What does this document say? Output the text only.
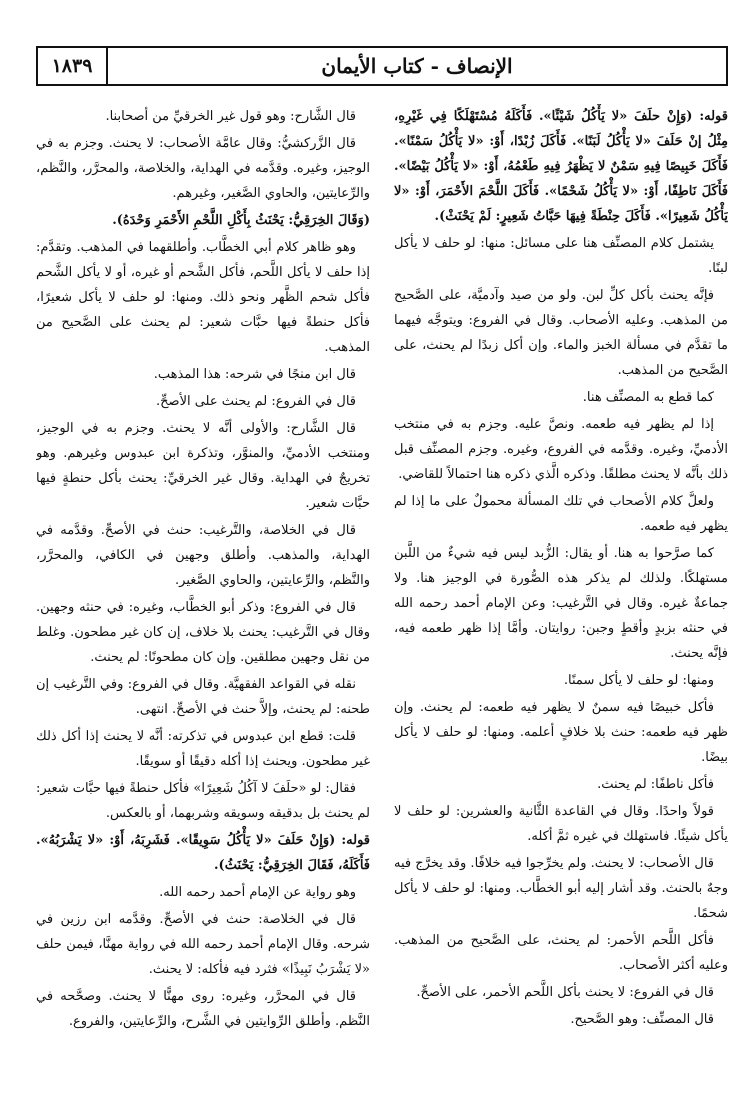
١٨٣٩	الإنصاف - كتاب الأيمان

قوله: (وَإِنْ حلَفَ «لا يَأْكُلُ شَيْئًا». فَأَكَلَهُ مُسْتَهْلَكًا فِي غَيْرِهِ، مِثْلُ إنْ حَلَفَ «لا يَأْكُلُ لَبَنًا». فَأَكَلَ زُبْدًا، أَوْ: «لا يَأْكُلُ سَمْنًا». فَأَكَلَ خَبِيصًا فِيهِ سَمْنٌ لا يَظْهَرُ فِيهِ طَعْمُهُ، أَوْ: «لا يَأْكُلُ بَيْضًا». فَأَكَلَ نَاطِفًا، أَوْ: «لا يَأْكُلُ شَحْمًا». فَأَكَلَ اللَّحْمَ الأَحْمَرَ، أَوْ: «لا يَأْكُلُ شَعِيرًا». فَأَكَلَ حِنْطَةً فِيهَا حَبَّاتُ شَعِيرٍ: لَمْ يَحْنَثْ).

يشتمل كلام المصنِّف هنا على مسائل: منها: لو حلف لا يأكل لبنًا.

فإنَّه يحنث بأكل كلِّ لبن. ولو من صيد وآدميَّة، على الصَّحيح من المذهب. وعليه الأصحاب. وقال في الفروع: ويتوجَّه فيهما ما تقدَّم في مسألة الخبز والماء. وإن أكل زبدًا لم يحنث، على الصَّحيح من المذهب.

كما قطع به المصنِّف هنا.

إذا لم يظهر فيه طعمه. ونصَّ عليه. وجزم به في منتخب الأدميِّ، وغيره. وقدَّمه في الفروع، وغيره. وجزم المصنِّف قبل ذلك بأنَّه لا يحنث مطلقًا. وذكره الَّذي ذكره هنا احتمالاً للقاضي.

ولعلَّ كلام الأصحاب في تلك المسألة محمولٌ على ما إذا لم يظهر فيه طعمه.

كما صرَّحوا به هنا. أو يقال: الزُّبد ليس فيه شيءٌ من اللَّبن مستهلكًا. ولذلك لم يذكر هذه الصُّورة في الوجيز هنا. ولا جماعةٌ غيره. وقال في التَّرغيب: وعن الإمام أحمد رحمه الله في حنثه بزبدٍ وأقطٍ وجبن: روايتان. وأمَّا إذا ظهر طعمه فيه، فإنَّه يحنث.

ومنها: لو حلف لا يأكل سمنًا.

فأكل خبيصًا فيه سمنٌ لا يظهر فيه طعمه: لم يحنث. وإن ظهر فيه طعمه: حنث بلا خلافٍ أعلمه. ومنها: لو حلف لا يأكل بيضًا.

فأكل ناطفًا: لم يحنث.

قولاً واحدًا. وقال في القاعدة الثَّانية والعشرين: لو حلف لا يأكل شيئًا. فاستهلك في غيره ثمَّ أكله.

قال الأصحاب: لا يحنث. ولم يخرِّجوا فيه خلافًا. وقد يخرَّج فيه وجهٌ بالحنث. وقد أشار إليه أبو الخطَّاب. ومنها: لو حلف لا يأكل شحمًا.

فأكل اللَّحم الأحمر: لم يحنث، على الصَّحيح من المذهب. وعليه أكثر الأصحاب.

قال في الفروع: لا يحنث بأكل اللَّحم الأحمر، على الأصحِّ.

قال المصنِّف: وهو الصَّحيح.

قال الشَّارح: وهو قول غير الخرقيِّ من أصحابنا.

قال الزَّركشيُّ: وقال عامَّة الأصحاب: لا يحنث. وجزم به في الوجيز، وغيره. وقدَّمه في الهداية، والخلاصة، والمحرَّر، والنَّظم، والرِّعايتين، والحاوي الصَّغير، وغيرهم.

(وَقَالَ الخِرَقِيُّ: يَحْنَثُ بِأَكْلِ اللَّحْمِ الأَحْمَرِ وَحْدَهُ).

وهو ظاهر كلام أبي الخطَّاب. وأطلقهما في المذهب. وتقدَّم: إذا حلف لا يأكل اللَّحم، فأكل الشَّحم أو غيره، أو لا يأكل الشَّحم فأكل شحم الظَّهر ونحو ذلك. ومنها: لو حلف لا يأكل شعيرًا، فأكل حنطةً فيها حبَّات شعير: لم يحنث على الصَّحيح من المذهب.

قال ابن منجًا في شرحه: هذا المذهب.

قال في الفروع: لم يحنث على الأصحِّ.

قال الشَّارح: والأولى أنَّه لا يحنث. وجزم به في الوجيز، ومنتخب الأدميِّ، والمنوَّر، وتذكرة ابن عبدوس وغيرهم. وهو تخريجٌ في الهداية. وقال غير الخرقيِّ: يحنث بأكل حنطةٍ فيها حبَّات شعير.

قال في الخلاصة، والتَّرغيب: حنث في الأصحِّ. وقدَّمه في الهداية، والمذهب. وأطلق وجهين في الكافي، والمحرَّر، والنَّظم، والرِّعايتين، والحاوي الصَّغير.

قال في الفروع: وذكر أبو الخطَّاب، وغيره: في حنثه وجهين. وقال في التَّرغيب: يحنث بلا خلاف، إن كان غير مطحون. وغلط من نقل وجهين مطلقين. وإن كان مطحونًا: لم يحنث.

نقله في القواعد الفقهيَّة. وقال في الفروع: وفي التَّرغيب إن طحنه: لم يحنث، وإلاَّ حنث في الأصحِّ. انتهى.

قلت: قطع ابن عبدوس في تذكرته: أنَّه لا يحنث إذا أكل ذلك غير مطحون. ويحنث إذا أكله دقيقًا أو سويقًا.

فقال: لو «حلَفَ لا آكُلُ شَعِيرًا» فأكل حنطةً فيها حبَّات شعير: لم يحنث بل بدقيقه وسويقه وشربهما، أو بالعكس.

قوله: (وَإِنْ حَلَفَ «لا يَأْكُلُ سَوِيقًا». فَشَرِبَهُ، أَوْ: «لا يَشْرَبُهُ». فَأَكَلَهُ، فَقَالَ الخِرَقِيُّ: يَحْنَثُ).

وهو رواية عن الإمام أحمد رحمه الله.

قال في الخلاصة: حنث في الأصحِّ. وقدَّمه ابن رزين في شرحه. وقال الإمام أحمد رحمه الله في رواية مهنَّا، فيمن حلف «لا يَشْرَبُ نَبِيذًا» فثرد فيه فأكله: لا يحنث.

قال في المحرَّر، وغيره: روى مهنًّا لا يحنث. وصحَّحه في النَّظم. وأطلق الرِّوايتين في الشَّرح، والرِّعايتين، والفروع.
